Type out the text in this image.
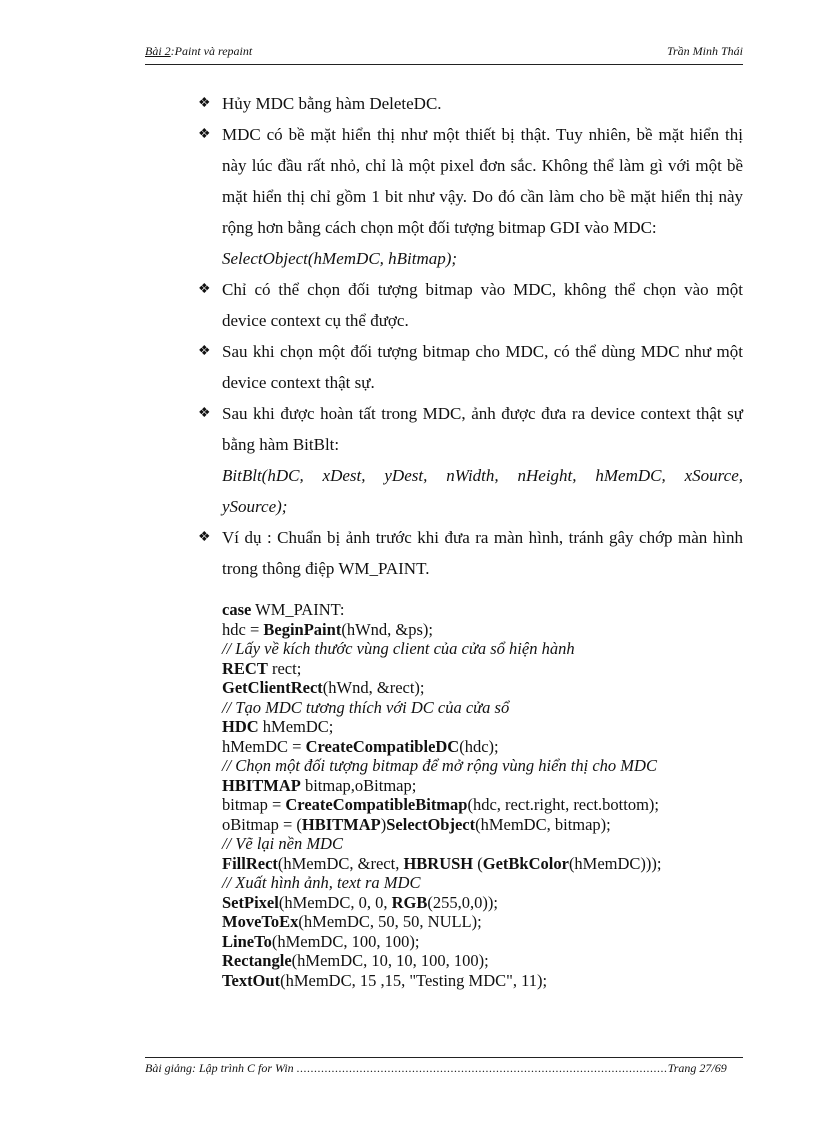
Bài 2:Paint và repaint	Trần Minh Thái
❖ Hủy MDC bằng hàm DeleteDC.
❖ MDC có bề mặt hiển thị như một thiết bị thật. Tuy nhiên, bề mặt hiển thị này lúc đầu rất nhỏ, chỉ là một pixel đơn sắc. Không thể làm gì với một bề mặt hiển thị chỉ gồm 1 bit như vậy. Do đó cần làm cho bề mặt hiển thị này rộng hơn bằng cách chọn một đối tượng bitmap GDI vào MDC:
SelectObject(hMemDC, hBitmap);
❖ Chỉ có thể chọn đối tượng bitmap vào MDC, không thể chọn vào một device context cụ thể được.
❖ Sau khi chọn một đối tượng bitmap cho MDC, có thể dùng MDC như một device context thật sự.
❖ Sau khi được hoàn tất trong MDC, ảnh được đưa ra device context thật sự bằng hàm BitBlt:
BitBlt(hDC, xDest, yDest, nWidth, nHeight, hMemDC, xSource,
ySource);
❖ Ví dụ : Chuẩn bị ảnh trước khi đưa ra màn hình, tránh gây chớp màn hình trong thông điệp WM_PAINT.
case WM_PAINT:
hdc = BeginPaint(hWnd, &ps);
// Lấy về kích thước vùng client của cửa sổ hiện hành
RECT rect;
GetClientRect(hWnd, &rect);
// Tạo MDC tương thích với DC của cửa sổ
HDC hMemDC;
hMemDC = CreateCompatibleDC(hdc);
// Chọn một đối tượng bitmap để mở rộng vùng hiển thị cho MDC
HBITMAP bitmap,oBitmap;
bitmap = CreateCompatibleBitmap(hdc, rect.right, rect.bottom);
oBitmap = (HBITMAP)SelectObject(hMemDC, bitmap);
// Vẽ lại nền MDC
FillRect(hMemDC, &rect, HBRUSH (GetBkColor(hMemDC)));
// Xuất hình ảnh, text ra MDC
SetPixel(hMemDC, 0, 0, RGB(255,0,0));
MoveToEx(hMemDC, 50, 50, NULL);
LineTo(hMemDC, 100, 100);
Rectangle(hMemDC, 10, 10, 100, 100);
TextOut(hMemDC, 15 ,15, "Testing MDC", 11);
Bài giảng: Lập trình C for Win ..........................................................................................................Trang 27/69
